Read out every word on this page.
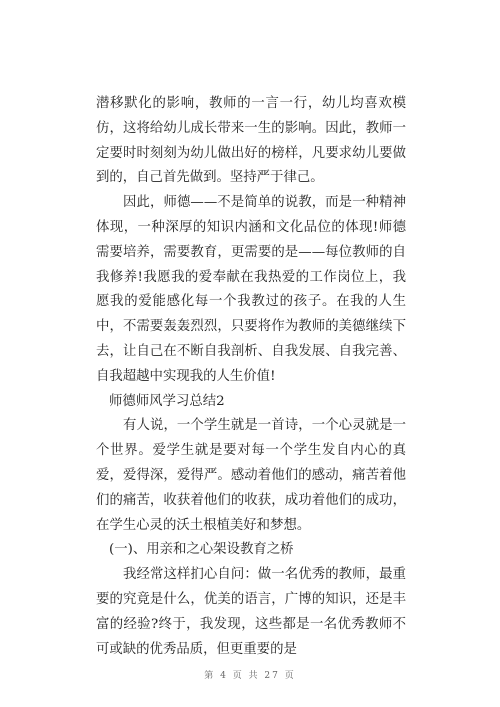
潜移默化的影响，教师的一言一行，幼儿均喜欢模仿，这将给幼儿成长带来一生的影响。因此，教师一定要时时刻刻为幼儿做出好的榜样，凡要求幼儿要做到的，自己首先做到。坚持严于律己。

因此，师德——不是简单的说教，而是一种精神体现，一种深厚的知识内涵和文化品位的体现!师德需要培养，需要教育，更需要的是——每位教师的自我修养!我愿我的爱奉献在我热爱的工作岗位上，我愿我的爱能感化每一个我教过的孩子。在我的人生中，不需要轰轰烈烈，只要将作为教师的美德继续下去，让自己在不断自我剖析、自我发展、自我完善、自我超越中实现我的人生价值!

师德师风学习总结2

有人说，一个学生就是一首诗，一个心灵就是一个世界。爱学生就是要对每一个学生发自内心的真爱，爱得深，爱得严。感动着他们的感动，痛苦着他们的痛苦，收获着他们的收获，成功着他们的成功，在学生心灵的沃土根植美好和梦想。

(一)、用亲和之心架设教育之桥

我经常这样扪心自问：做一名优秀的教师，最重要的究竟是什么，优美的语言，广博的知识，还是丰富的经验?终于，我发现，这些都是一名优秀教师不可或缺的优秀品质，但更重要的是

第 4 页 共 27 页
